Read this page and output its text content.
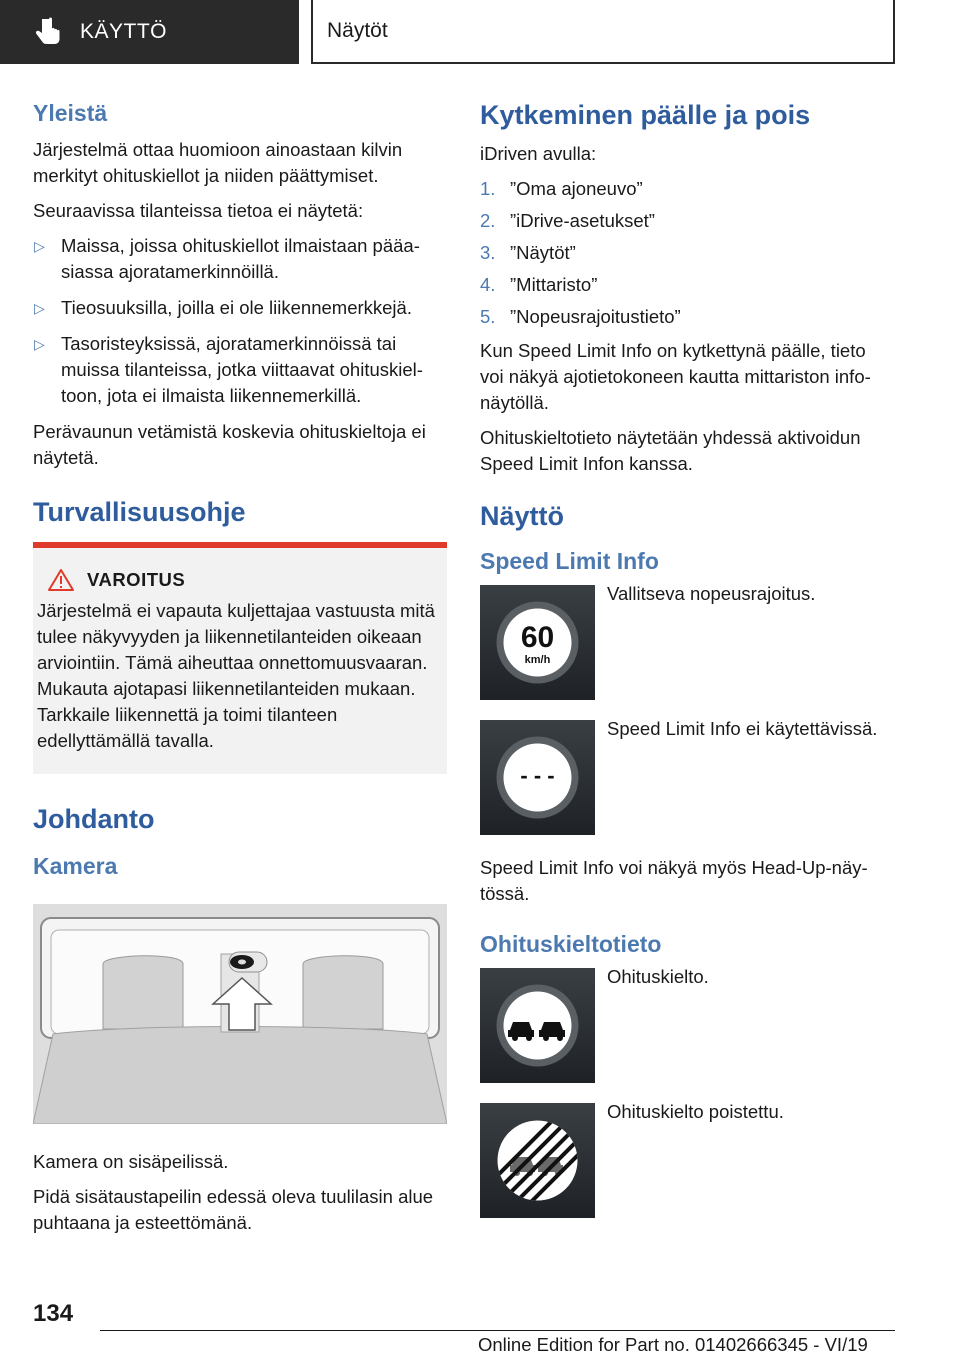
KÄYTTÖ	Näytöt
Yleistä

Järjestelmä ottaa huomioon ainoastaan kilvin merkityt ohituskiellot ja niiden päättymiset.

Seuraavissa tilanteissa tietoa ei näytetä:

▷ Maissa, joissa ohituskiellot ilmaistaan pääasiassa ajoratamerkinnöillä.
▷ Tieosuuksilla, joilla ei ole liikennemerkkejä.
▷ Tasoristeyksissä, ajoratamerkinnöissä tai muissa tilanteissa, jotka viittaavat ohituskieltoon, jota ei ilmaista liikennemerkillä.

Perävaunun vetämistä koskevia ohituskieltoja ei näytetä.

Turvallisuusohje
VAROITUS

Järjestelmä ei vapauta kuljettajaa vastuusta mitä tulee näkyvyyden ja liikennetilanteiden oikeaan arviointiin. Tämä aiheuttaa onnettomuusvaaran. Mukauta ajotapasi liikennetilanteiden mukaan. Tarkkaile liikennettä ja toimi tilanteen edellyttämällä tavalla.

Johdanto
Kamera

Kamera on sisäpeilissä.

Pidä sisätaustapeilin edessä oleva tuulilasin alue puhtaana ja esteettömänä.

Kytkeminen päälle ja pois

iDriven avulla:

1. ”Oma ajoneuvo”
2. ”iDrive-asetukset”
3. ”Näytöt”
4. ”Mittaristo”
5. ”Nopeusrajoitustieto”

Kun Speed Limit Info on kytkettynä päälle, tieto voi näkyä ajotietokoneen kautta mittariston infonäytöllä.

Ohituskieltotieto näytetään yhdessä aktivoidun Speed Limit Infon kanssa.

Näyttö
Speed Limit Info
60
km/h

Vallitseva nopeusrajoitus.

- - -

Speed Limit Info ei käytettävissä.

Speed Limit Info voi näkyä myös Head-Up-näytössä.

Ohituskieltotieto

Ohituskielto.

Ohituskielto poistettu.

134
Online Edition for Part no. 01402666345 - VI/19
